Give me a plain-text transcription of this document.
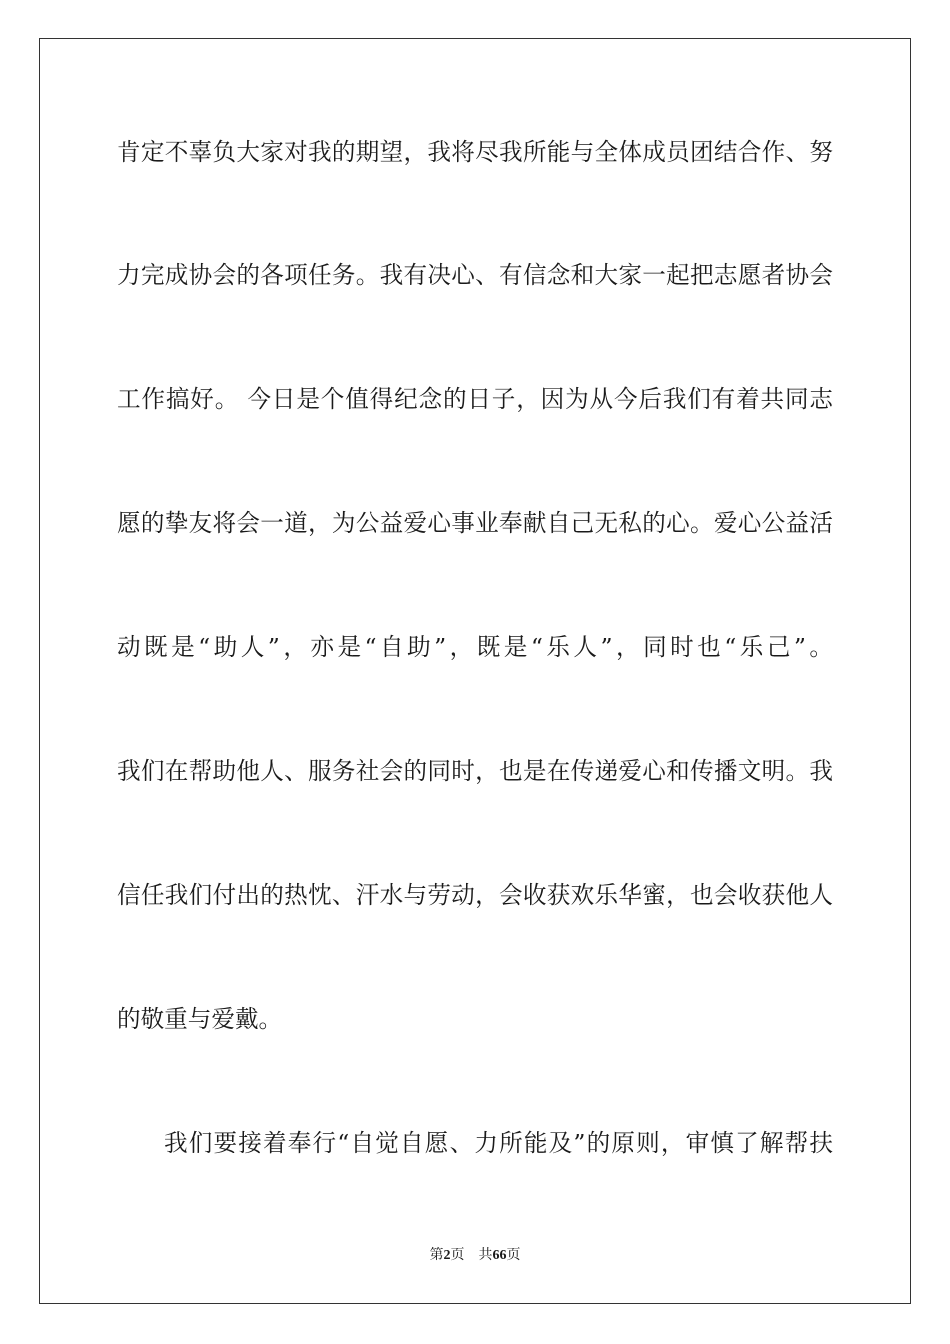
肯定不辜负大家对我的期望，我将尽我所能与全体成员团结合作、努
力完成协会的各项任务。我有决心、有信念和大家一起把志愿者协会
工作搞好。 今日是个值得纪念的日子，因为从今后我们有着共同志
愿的挚友将会一道，为公益爱心事业奉献自己无私的心。爱心公益活
动既是“助人”，亦是“自助”，既是“乐人”，同时也“乐己”。
我们在帮助他人、服务社会的同时，也是在传递爱心和传播文明。我
信任我们付出的热忱、汗水与劳动，会收获欢乐华蜜，也会收获他人
的敬重与爱戴。
我们要接着奉行“自觉自愿、力所能及”的原则，审慎了解帮扶
第2页 共66页
